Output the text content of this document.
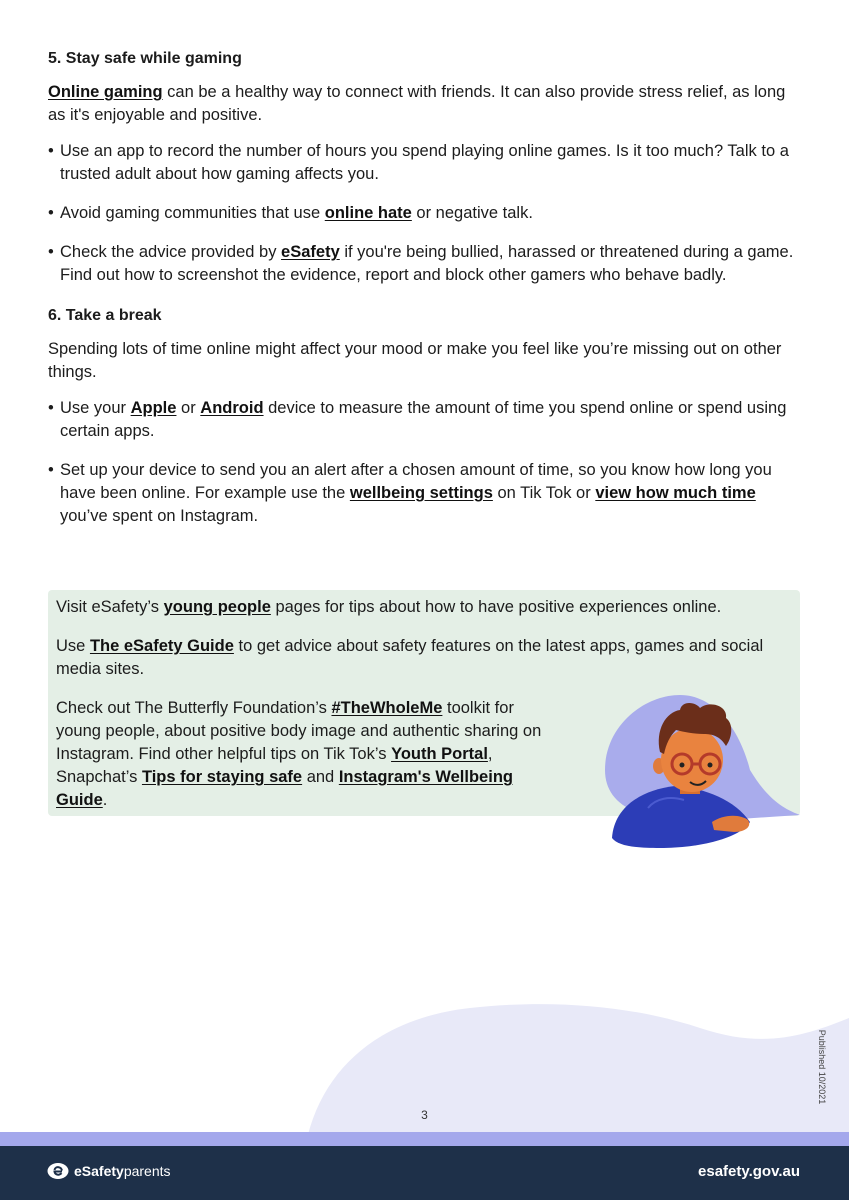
5. Stay safe while gaming

Online gaming can be a healthy way to connect with friends. It can also provide stress relief, as long as it's enjoyable and positive.

• Use an app to record the number of hours you spend playing online games. Is it too much? Talk to a trusted adult about how gaming affects you.
• Avoid gaming communities that use online hate or negative talk.
• Check the advice provided by eSafety if you're being bullied, harassed or threatened during a game. Find out how to screenshot the evidence, report and block other gamers who behave badly.
6. Take a break

Spending lots of time online might affect your mood or make you feel like you’re missing out on other things.

• Use your Apple or Android device to measure the amount of time you spend online or spend using certain apps.
• Set up your device to send you an alert after a chosen amount of time, so you know how long you have been online. For example use the wellbeing settings on Tik Tok or view how much time you’ve spent on Instagram.

Visit eSafety’s young people pages for tips about how to have positive experiences online.

Use The eSafety Guide to get advice about safety features on the latest apps, games and social media sites.

Check out The Butterfly Foundation’s #TheWholeMe toolkit for young people, about positive body image and authentic sharing on Instagram. Find other helpful tips on Tik Tok’s Youth Portal, Snapchat’s Tips for staying safe and Instagram's Wellbeing Guide.

3
Published 10/2021
eSafety parents	esafety.gov.au
